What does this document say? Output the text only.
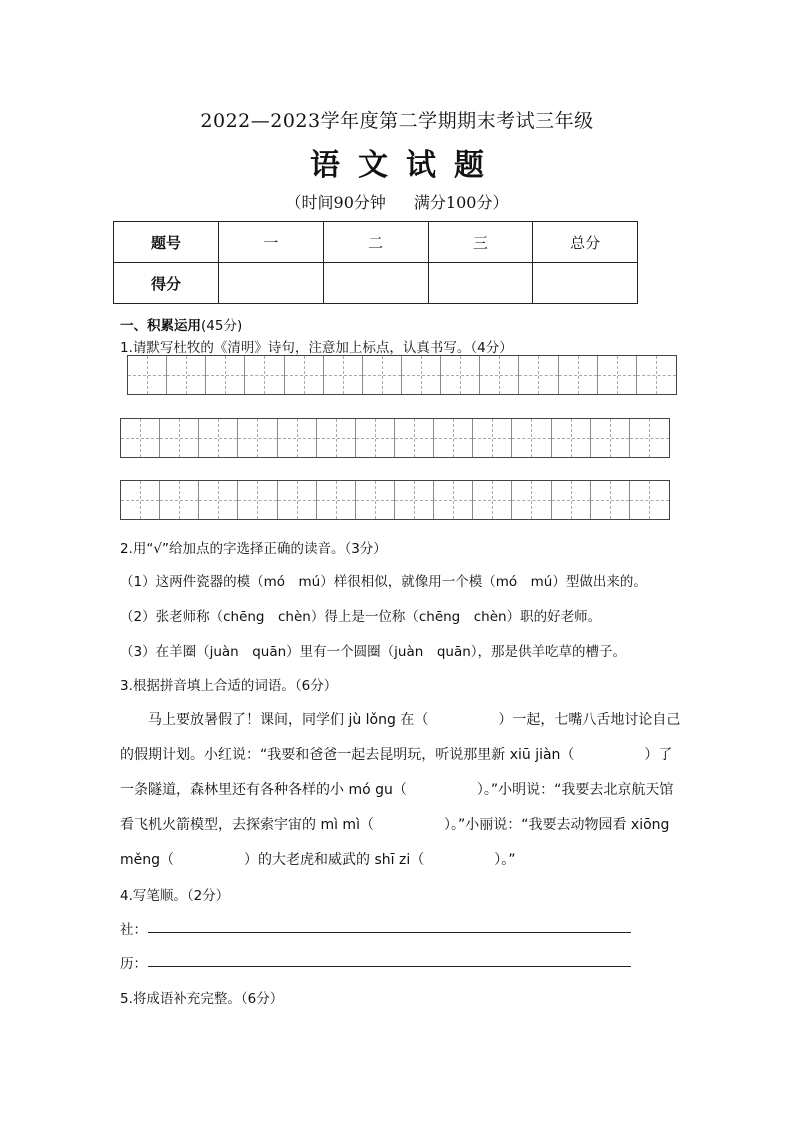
2022—2023学年度第二学期期末考试三年级
语文试题
（时间90分钟 满分100分）
题号	一	二	三	总分
得分				
一、积累运用(45分)
1.请默写杜牧的《清明》诗句，注意加上标点，认真书写。（4分）
2.用“√”给加点的字选择正确的读音。（3分）
（1）这两件瓷器的模（mó　mú）样很相似，就像用一个模（mó　mú）型做出来的。
（2）张老师称（chēng　chèn）得上是一位称（chēng　chèn）职的好老师。
（3）在羊圈（juàn　quān）里有一个圆圈（juàn　quān），那是供羊吃草的槽子。
3.根据拼音填上合适的词语。（6分）
马上要放暑假了！课间，同学们 jù lǒng 在（　　　　　）一起，七嘴八舌地讨论自己
的假期计划。小红说：“我要和爸爸一起去昆明玩，听说那里新 xiū jiàn（　　　　　）了
一条隧道，森林里还有各种各样的小 mó gu（　　　　　）。”小明说：“我要去北京航天馆
看飞机火箭模型，去探索宇宙的 mì mì（　　　　　）。”小丽说：“我要去动物园看 xiōng
měng（　　　　　）的大老虎和威武的 shī zi（　　　　　）。”
4.写笔顺。（2分）
社：
历：
5.将成语补充完整。（6分）
